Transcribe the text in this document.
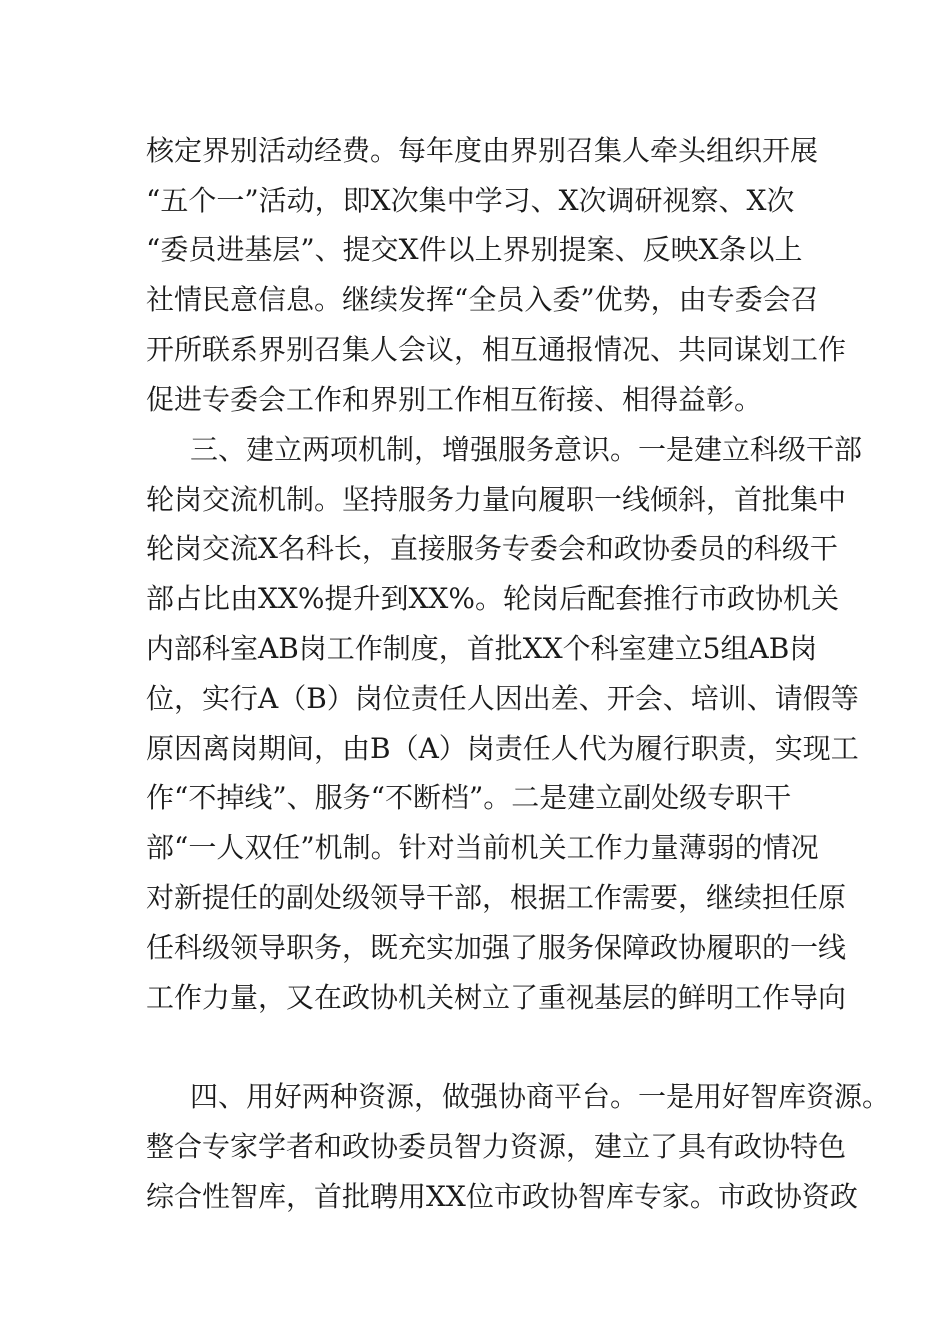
核定界别活动经费。每年度由界别召集人牵头组织开展
“五个一”活动，即X次集中学习、X次调研视察、X次
“委员进基层”、提交X件以上界别提案、反映X条以上
社情民意信息。继续发挥“全员入委”优势，由专委会召
开所联系界别召集人会议，相互通报情况、共同谋划工作
促进专委会工作和界别工作相互衔接、相得益彰。
三、建立两项机制，增强服务意识。一是建立科级干部
轮岗交流机制。坚持服务力量向履职一线倾斜，首批集中
轮岗交流X名科长，直接服务专委会和政协委员的科级干
部占比由XX%提升到XX%。轮岗后配套推行市政协机关
内部科室AB岗工作制度，首批XX个科室建立5组AB岗
位，实行A（B）岗位责任人因出差、开会、培训、请假等
原因离岗期间，由B（A）岗责任人代为履行职责，实现工
作“不掉线”、服务“不断档”。二是建立副处级专职干
部“一人双任”机制。针对当前机关工作力量薄弱的情况
对新提任的副处级领导干部，根据工作需要，继续担任原
任科级领导职务，既充实加强了服务保障政协履职的一线
工作力量，又在政协机关树立了重视基层的鲜明工作导向
四、用好两种资源，做强协商平台。一是用好智库资源。
整合专家学者和政协委员智力资源，建立了具有政协特色
综合性智库，首批聘用XX位市政协智库专家。市政协资政
